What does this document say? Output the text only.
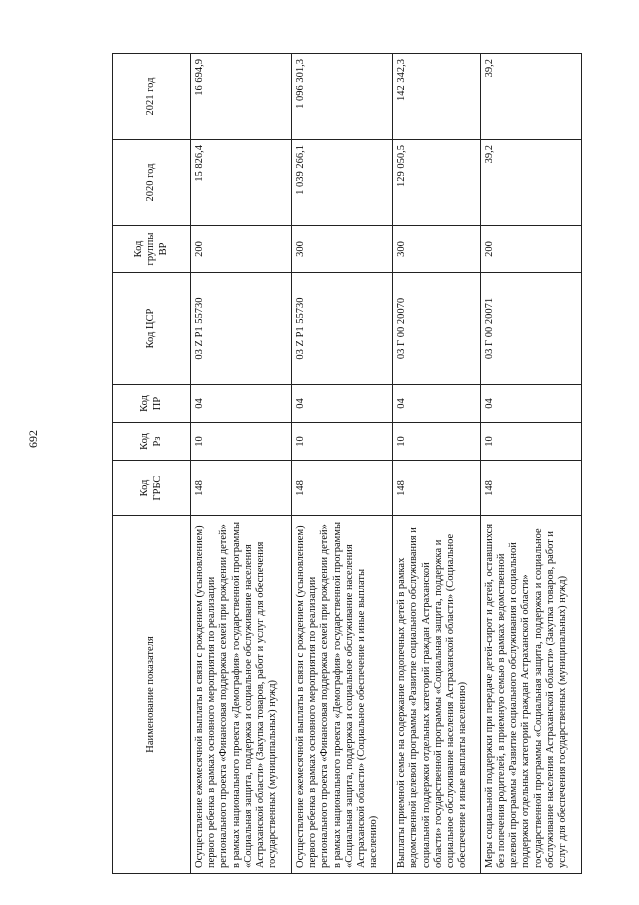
692
Наименование показателя	Код ГРБС	Код Рз	Код ПР	Код ЦСР	Код группы ВР	2020 год	2021 год
Осуществление ежемесячной выплаты в связи с рождением (усыновлением) первого ребенка в рамках основного мероприятия по реализации регионального проекта «Финансовая поддержка семей при рождении детей» в рамках национального проекта «Демография» государственной программы «Социальная защита, поддержка и социальное обслуживание населения Астраханской области» (Закупка товаров, работ и услуг для обеспечения государственных (муниципальных) нужд)	148	10	04	03 Z P1 55730	200	15 826,4	16 694,9
Осуществление ежемесячной выплаты в связи с рождением (усыновлением) первого ребенка в рамках основного мероприятия по реализации регионального проекта «Финансовая поддержка семей при рождении детей» в рамках национального проекта «Демография» государственной программы «Социальная защита, поддержка и социальное обслуживание населения Астраханской области» (Социальное обеспечение и иные выплаты населению)	148	10	04	03 Z P1 55730	300	1 039 266,1	1 096 301,3
Выплаты приемной семье на содержание подопечных детей в рамках ведомственной целевой программы «Развитие социального обслуживания и социальной поддержки отдельных категорий граждан Астраханской области» государственной программы «Социальная защита, поддержка и социальное обслуживание населения Астраханской области» (Социальное обеспечение и иные выплаты населению)	148	10	04	03 Г 00 20070	300	129 050,5	142 342,3
Меры социальной поддержки при передаче детей-сирот и детей, оставшихся без попечения родителей, в приемную семью в рамках ведомственной целевой программы «Развитие социального обслуживания и социальной поддержки отдельных категорий граждан Астраханской области» государственной программы «Социальная защита, поддержка и социальное обслуживание населения Астраханской области» (Закупка товаров, работ и услуг для обеспечения государственных (муниципальных) нужд)	148	10	04	03 Г 00 20071	200	39,2	39,2
